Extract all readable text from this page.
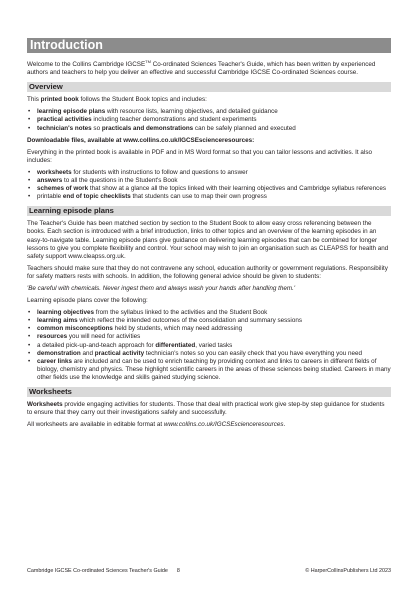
Introduction

Welcome to the Collins Cambridge IGCSE™ Co-ordinated Sciences Teacher's Guide, which has been written by experienced authors and teachers to help you deliver an effective and successful Cambridge IGCSE Co-ordinated Sciences course.

Overview

This printed book follows the Student Book topics and includes:

• learning episode plans with resource lists, learning objectives, and detailed guidance
• practical activities including teacher demonstrations and student experiments
• technician's notes so practicals and demonstrations can be safely planned and executed

Downloadable files, available at www.collins.co.uk/IGCSEscienceresources:

Everything in the printed book is available in PDF and in MS Word format so that you can tailor lessons and activities. It also includes:

• worksheets for students with instructions to follow and questions to answer
• answers to all the questions in the Student's Book
• schemes of work that show at a glance all the topics linked with their learning objectives and Cambridge syllabus references
• printable end of topic checklists that students can use to map their own progress
Learning episode plans

The Teacher's Guide has been matched section by section to the Student Book to allow easy cross referencing between the books. Each section is introduced with a brief introduction, links to other topics and an overview of the learning episodes in an easy-to-navigate table. Learning episode plans give guidance on delivering learning episodes that can be combined for longer lessons to give you complete flexibility and control. Your school may wish to join an organisation such as CLEAPSS for health and safety support www.cleapss.org.uk.

Teachers should make sure that they do not contravene any school, education authority or government regulations. Responsibility for safety matters rests with schools. In addition, the following general advice should be given to students:

'Be careful with chemicals. Never ingest them and always wash your hands after handling them.'

Learning episode plans cover the following:

• learning objectives from the syllabus linked to the activities and the Student Book
• learning aims which reflect the intended outcomes of the consolidation and summary sessions
• common misconceptions held by students, which may need addressing
• resources you will need for activities
• a detailed pick-up-and-teach approach for differentiated, varied tasks
• demonstration and practical activity technician's notes so you can easily check that you have everything you need
• career links are included and can be used to enrich teaching by providing context and links to careers in different fields of biology, chemistry and physics. These highlight scientific careers in the areas of these sciences being studied. Careers in many other fields use the knowledge and skills gained studying science.
Worksheets

Worksheets provide engaging activities for students. Those that deal with practical work give step-by step guidance for students to ensure that they carry out their investigations safely and successfully.

All worksheets are available in editable format at www.collins.co.uk/IGCSEscienceresources.

Cambridge IGCSE Co-ordinated Sciences Teacher's Guide      8	© HarperCollinsPublishers Ltd 2023
